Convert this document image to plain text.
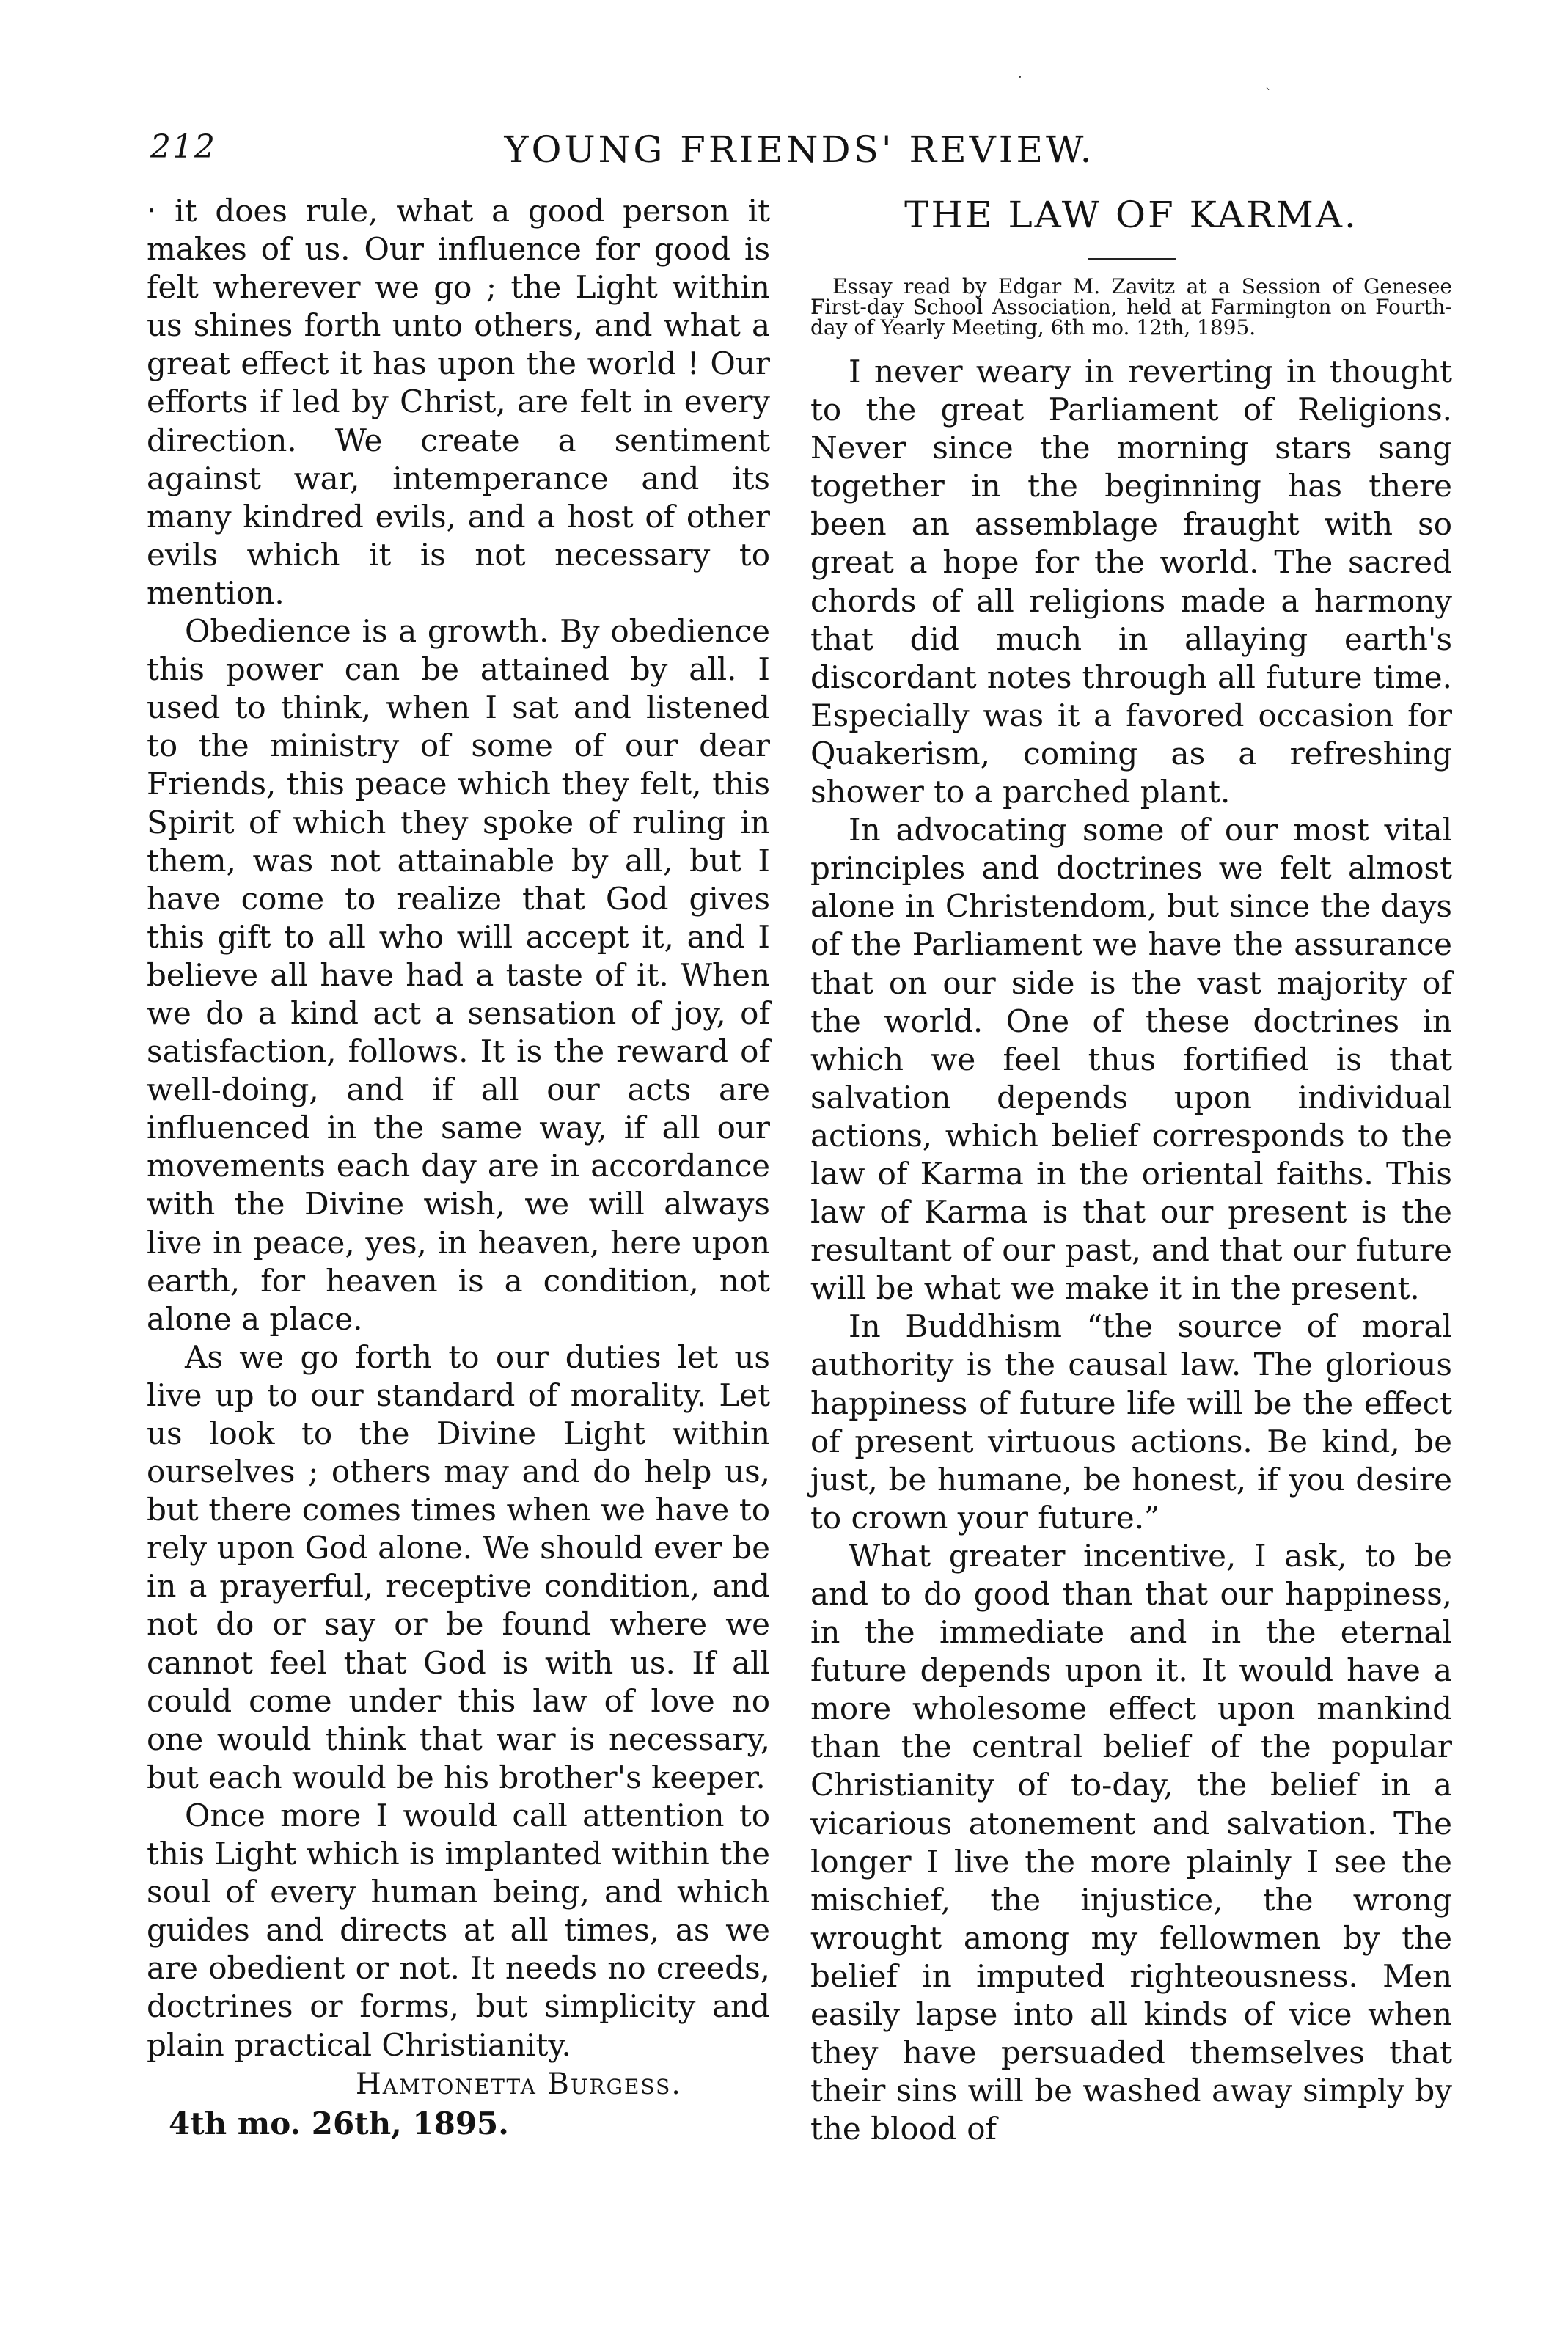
212	YOUNG FRIENDS' REVIEW.
·
ˋ

‧ it does rule, what a good person it makes of us. Our influence for good is felt wherever we go ; the Light within us shines forth unto others, and what a great effect it has upon the world ! Our efforts if led by Christ, are felt in every direction. We create a sentiment against war, intemperance and its many kindred evils, and a host of other evils which it is not necessary to mention.

Obedience is a growth. By obedience this power can be attained by all. I used to think, when I sat and listened to the ministry of some of our dear Friends, this peace which they felt, this Spirit of which they spoke of ruling in them, was not attainable by all, but I have come to realize that God gives this gift to all who will accept it, and I believe all have had a taste of it. When we do a kind act a sensation of joy, of satisfaction, follows. It is the reward of well-doing, and if all our acts are influenced in the same way, if all our movements each day are in accordance with the Divine wish, we will always live in peace, yes, in heaven, here upon earth, for heaven is a condition, not alone a place.

As we go forth to our duties let us live up to our standard of morality. Let us look to the Divine Light within ourselves ; others may and do help us, but there comes times when we have to rely upon God alone. We should ever be in a prayerful, receptive condition, and not do or say or be found where we cannot feel that God is with us. If all could come under this law of love no one would think that war is necessary, but each would be his brother's keeper.

Once more I would call attention to this Light which is implanted within the soul of every human being, and which guides and directs at all times, as we are obedient or not. It needs no creeds, doctrines or forms, but simplicity and plain practical Christianity.

Hamtonetta Burgess.

4th mo. 26th, 1895.

THE LAW OF KARMA.

Essay read by Edgar M. Zavitz at a Session of Genesee First-day School Association, held at Farmington on Fourth-day of Yearly Meeting, 6th mo. 12th, 1895.

I never weary in reverting in thought to the great Parliament of Religions. Never since the morning stars sang together in the beginning has there been an assemblage fraught with so great a hope for the world. The sacred chords of all religions made a harmony that did much in allaying earth's discordant notes through all future time. Especially was it a favored occasion for Quakerism, coming as a refreshing shower to a parched plant.

In advocating some of our most vital principles and doctrines we felt almost alone in Christendom, but since the days of the Parliament we have the assurance that on our side is the vast majority of the world. One of these doctrines in which we feel thus fortified is that salvation depends upon individual actions, which belief corresponds to the law of Karma in the oriental faiths. This law of Karma is that our present is the resultant of our past, and that our future will be what we make it in the present.

In Buddhism “the source of moral authority is the causal law. The glorious happiness of future life will be the effect of present virtuous actions. Be kind, be just, be humane, be honest, if you desire to crown your future.”

What greater incentive, I ask, to be and to do good than that our happiness, in the immediate and in the eternal future depends upon it. It would have a more wholesome effect upon mankind than the central belief of the popular Christianity of to-day, the belief in a vicarious atonement and salvation. The longer I live the more plainly I see the mischief, the injustice, the wrong wrought among my fellowmen by the belief in imputed righteousness. Men easily lapse into all kinds of vice when they have persuaded themselves that their sins will be washed away simply by the blood of
